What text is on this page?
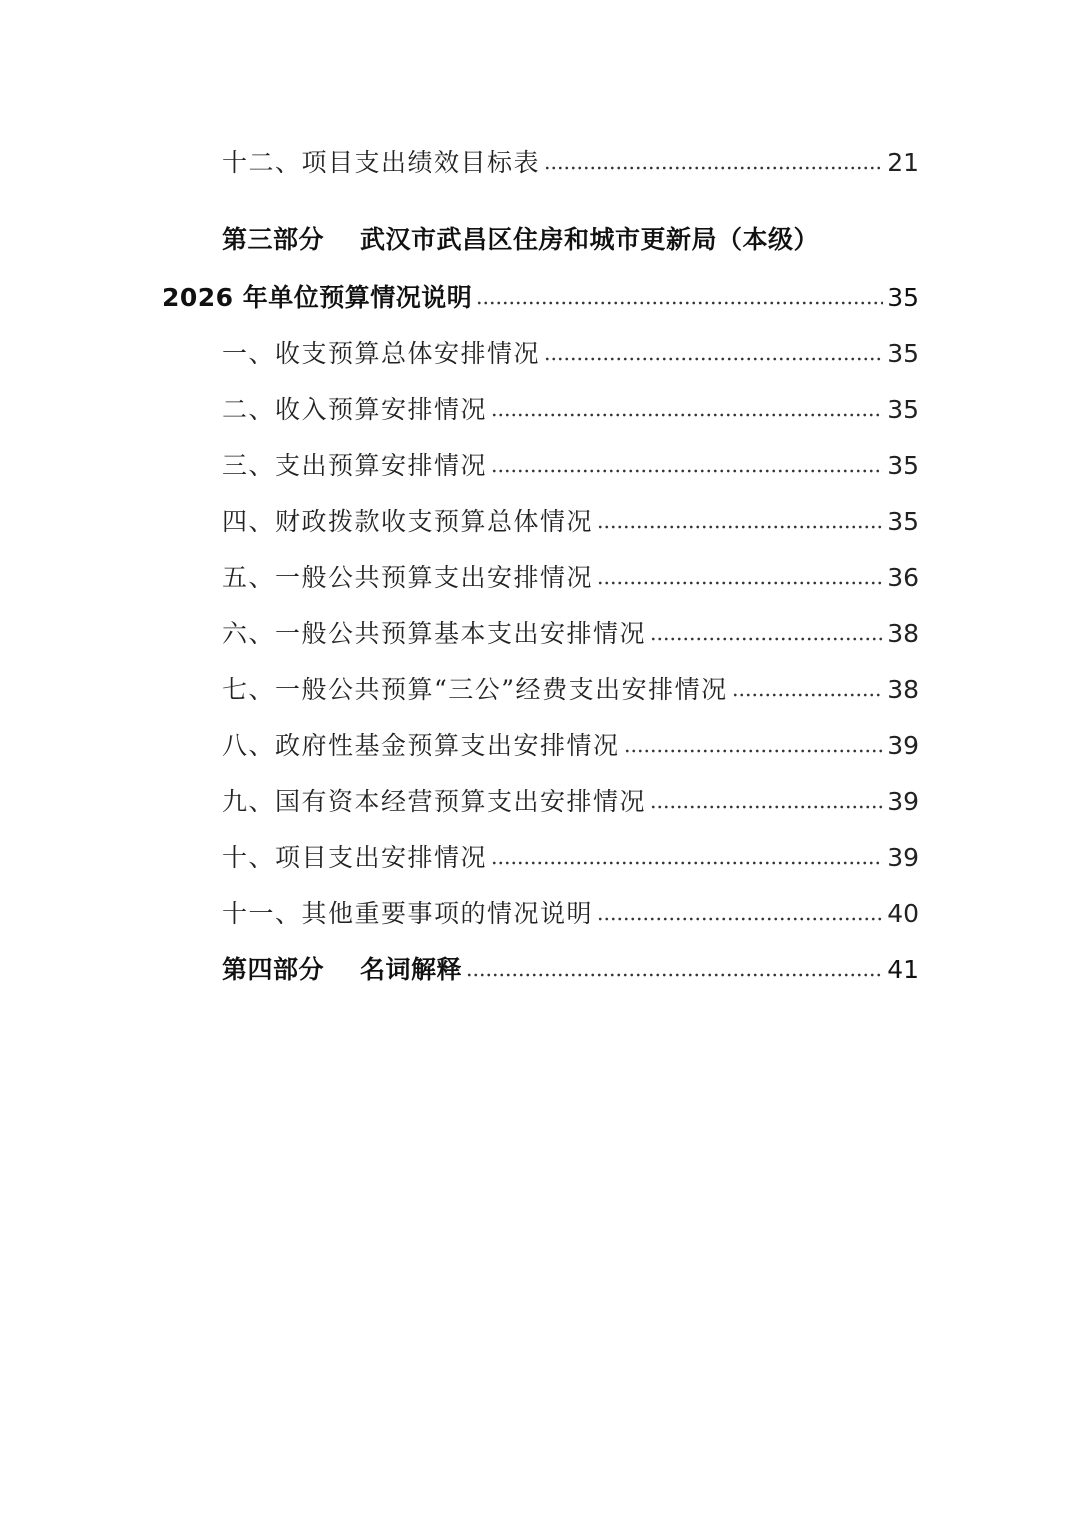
十二、项目支出绩效目标表	21
第三部分 武汉市武昌区住房和城市更新局（本级）
2026 年单位预算情况说明	35
一、收支预算总体安排情况	35
二、收入预算安排情况	35
三、支出预算安排情况	35
四、财政拨款收支预算总体情况	35
五、一般公共预算支出安排情况	36
六、一般公共预算基本支出安排情况	38
七、一般公共预算“三公”经费支出安排情况	38
八、政府性基金预算支出安排情况	39
九、国有资本经营预算支出安排情况	39
十、项目支出安排情况	39
十一、其他重要事项的情况说明	40
第四部分 名词解释	41
